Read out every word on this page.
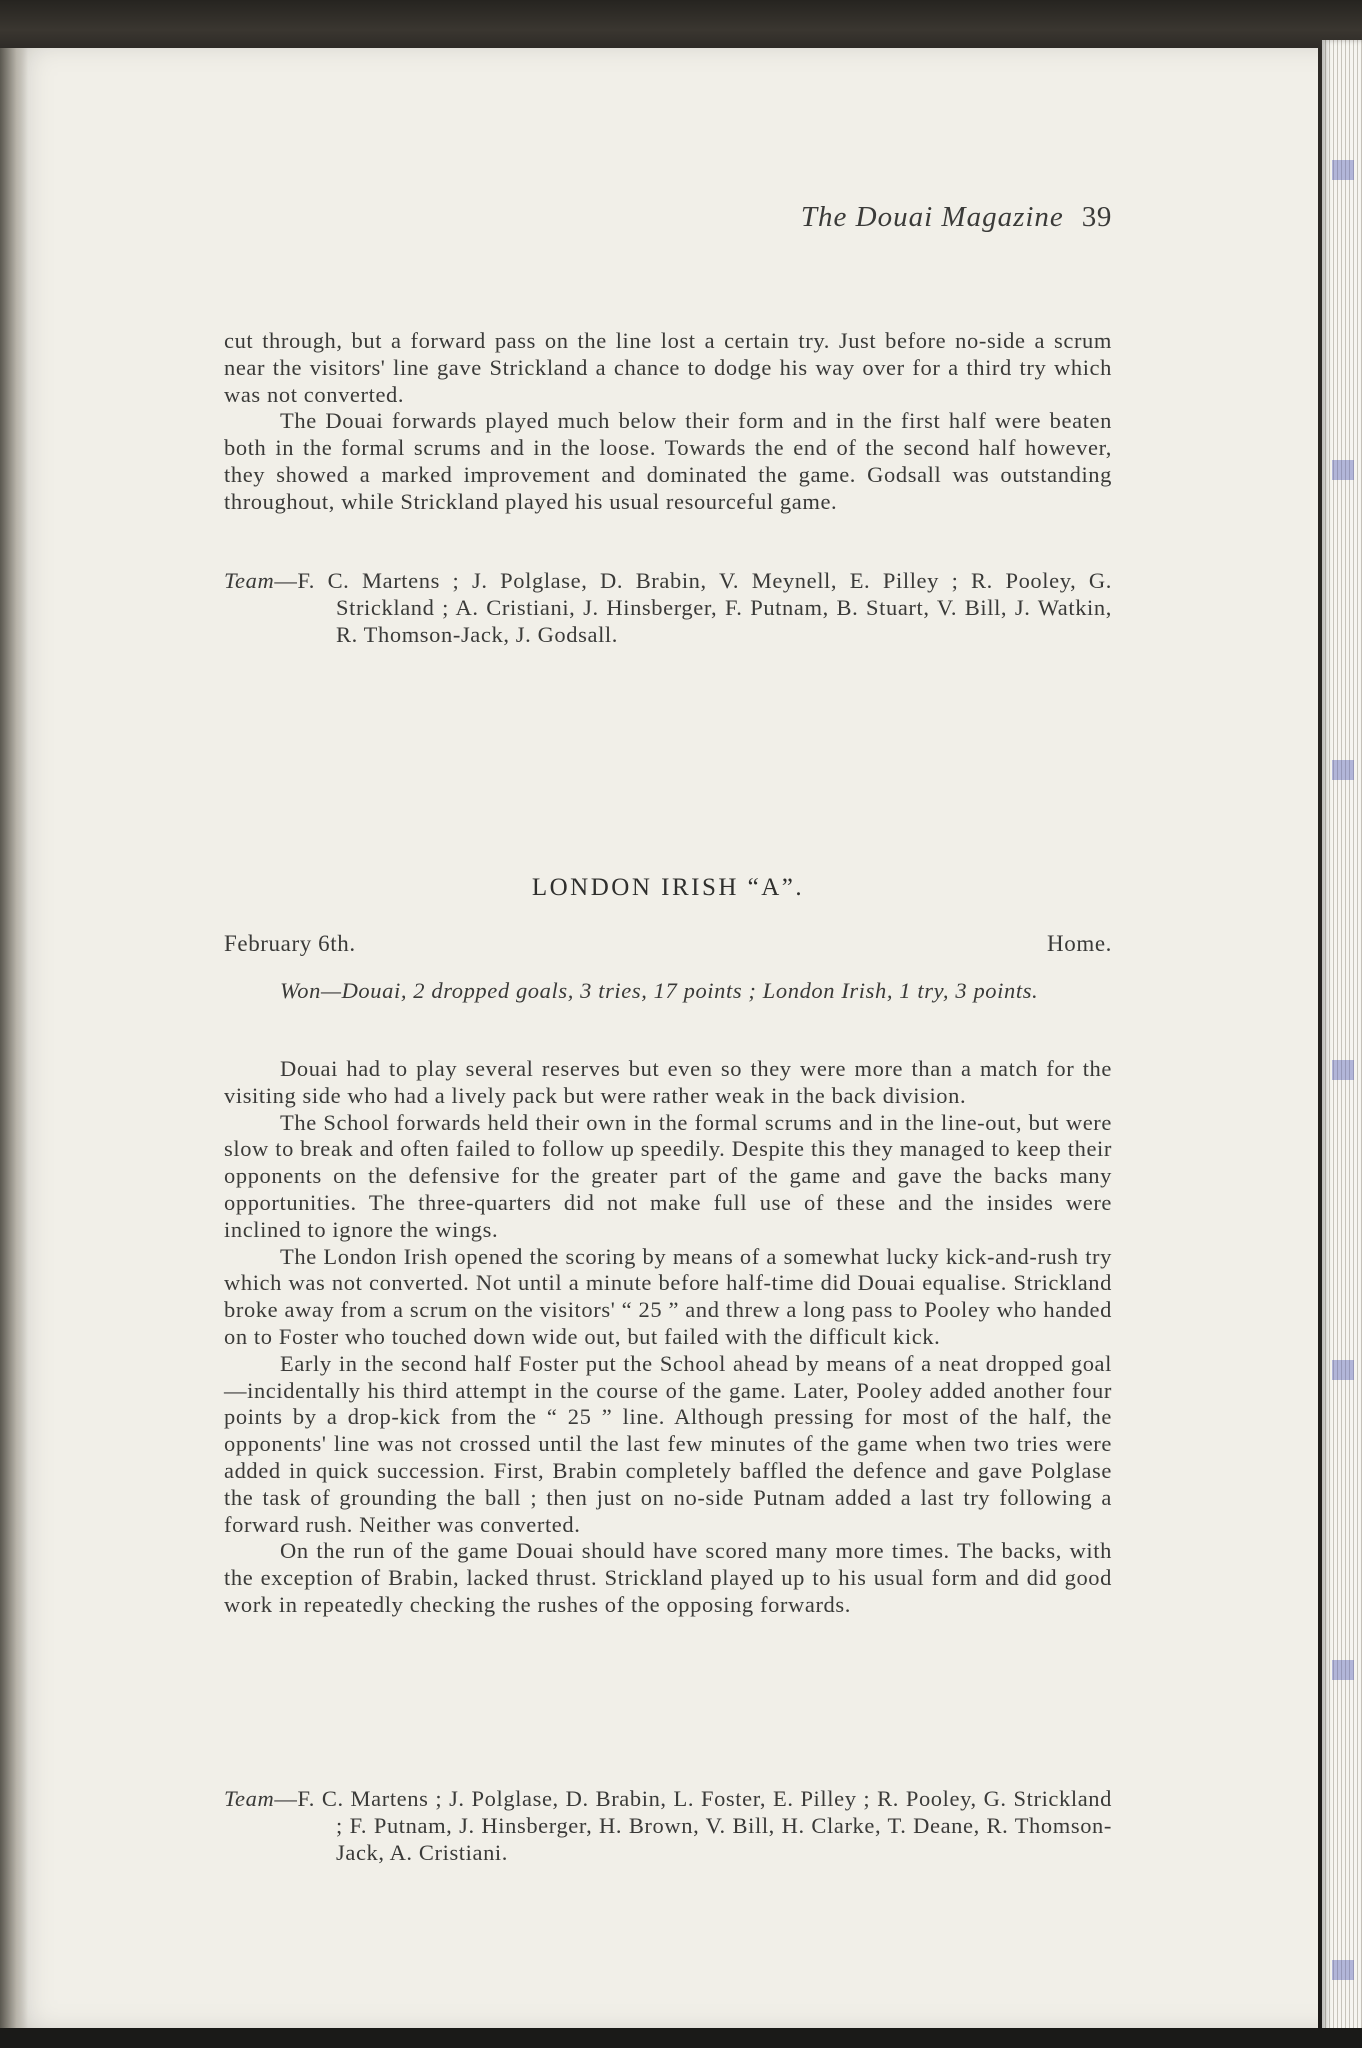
The Douai Magazine 39

cut through, but a forward pass on the line lost a certain try. Just before no-side a scrum near the visitors' line gave Strickland a chance to dodge his way over for a third try which was not converted.

The Douai forwards played much below their form and in the first half were beaten both in the formal scrums and in the loose. Towards the end of the second half however, they showed a marked improvement and dominated the game. Godsall was outstanding throughout, while Strickland played his usual resourceful game.

Team—F. C. Martens ; J. Polglase, D. Brabin, V. Meynell, E. Pilley ; R. Pooley, G. Strickland ; A. Cristiani, J. Hinsberger, F. Putnam, B. Stuart, V. Bill, J. Watkin, R. Thomson-Jack, J. Godsall.

LONDON IRISH “A”.
February 6th.	Home.

Won—Douai, 2 dropped goals, 3 tries, 17 points ; London Irish, 1 try, 3 points.

Douai had to play several reserves but even so they were more than a match for the visiting side who had a lively pack but were rather weak in the back division.

The School forwards held their own in the formal scrums and in the line-out, but were slow to break and often failed to follow up speedily. Despite this they managed to keep their opponents on the defensive for the greater part of the game and gave the backs many opportunities. The three-quarters did not make full use of these and the insides were inclined to ignore the wings.

The London Irish opened the scoring by means of a somewhat lucky kick-and-rush try which was not converted. Not until a minute before half-time did Douai equalise. Strickland broke away from a scrum on the visitors' “ 25 ” and threw a long pass to Pooley who handed on to Foster who touched down wide out, but failed with the difficult kick.

Early in the second half Foster put the School ahead by means of a neat dropped goal—incidentally his third attempt in the course of the game. Later, Pooley added another four points by a drop-kick from the “ 25 ” line. Although pressing for most of the half, the opponents' line was not crossed until the last few minutes of the game when two tries were added in quick succession. First, Brabin completely baffled the defence and gave Polglase the task of grounding the ball ; then just on no-side Putnam added a last try following a forward rush. Neither was converted.

On the run of the game Douai should have scored many more times. The backs, with the exception of Brabin, lacked thrust. Strickland played up to his usual form and did good work in repeatedly checking the rushes of the opposing forwards.

Team—F. C. Martens ; J. Polglase, D. Brabin, L. Foster, E. Pilley ; R. Pooley, G. Strickland ; F. Putnam, J. Hinsberger, H. Brown, V. Bill, H. Clarke, T. Deane, R. Thomson-Jack, A. Cristiani.
